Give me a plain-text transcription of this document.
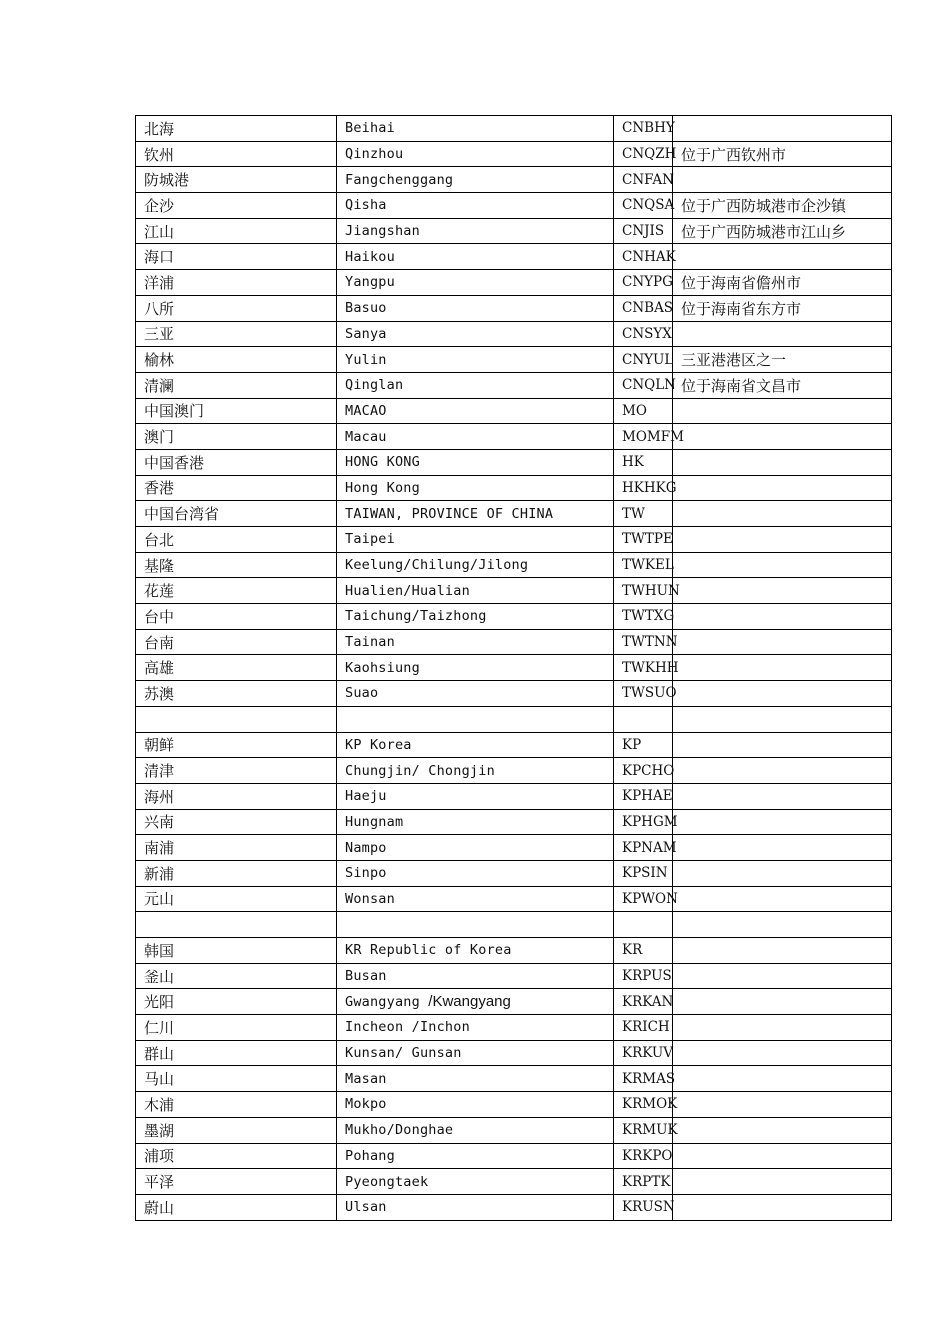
北海	Beihai	CNBHY	
钦州	Qinzhou	CNQZH	位于广西钦州市
防城港	Fangchenggang	CNFAN	
企沙	Qisha	CNQSA	位于广西防城港市企沙镇
江山	Jiangshan	CNJIS	位于广西防城港市江山乡
海口	Haikou	CNHAK	
洋浦	Yangpu	CNYPG	位于海南省儋州市
八所	Basuo	CNBAS	位于海南省东方市
三亚	Sanya	CNSYX	
榆林	Yulin	CNYUL	三亚港港区之一
清澜	Qinglan	CNQLN	位于海南省文昌市
中国澳门	MACAO	MO	
澳门	Macau	MOMFM	
中国香港	HONG KONG	HK	
香港	Hong Kong	HKHKG	
中国台湾省	TAIWAN, PROVINCE OF CHINA	TW	
台北	Taipei	TWTPE	
基隆	Keelung/Chilung/Jilong	TWKEL	
花莲	Hualien/Hualian	TWHUN	
台中	Taichung/Taizhong	TWTXG	
台南	Tainan	TWTNN	
高雄	Kaohsiung	TWKHH	
苏澳	Suao	TWSUO	

朝鲜	KP Korea	KP	
清津	Chungjin/ Chongjin	KPCHO	
海州	Haeju	KPHAE	
兴南	Hungnam	KPHGM	
南浦	Nampo	KPNAM	
新浦	Sinpo	KPSIN	
元山	Wonsan	KPWON	

韩国	KR Republic of Korea	KR	
釜山	Busan	KRPUS	
光阳	Gwangyang /Kwangyang	KRKAN	
仁川	Incheon /Inchon	KRICH	
群山	Kunsan/ Gunsan	KRKUV	
马山	Masan	KRMAS	
木浦	Mokpo	KRMOK	
墨湖	Mukho/Donghae	KRMUK	
浦项	Pohang	KRKPO	
平泽	Pyeongtaek	KRPTK	
蔚山	Ulsan	KRUSN	
